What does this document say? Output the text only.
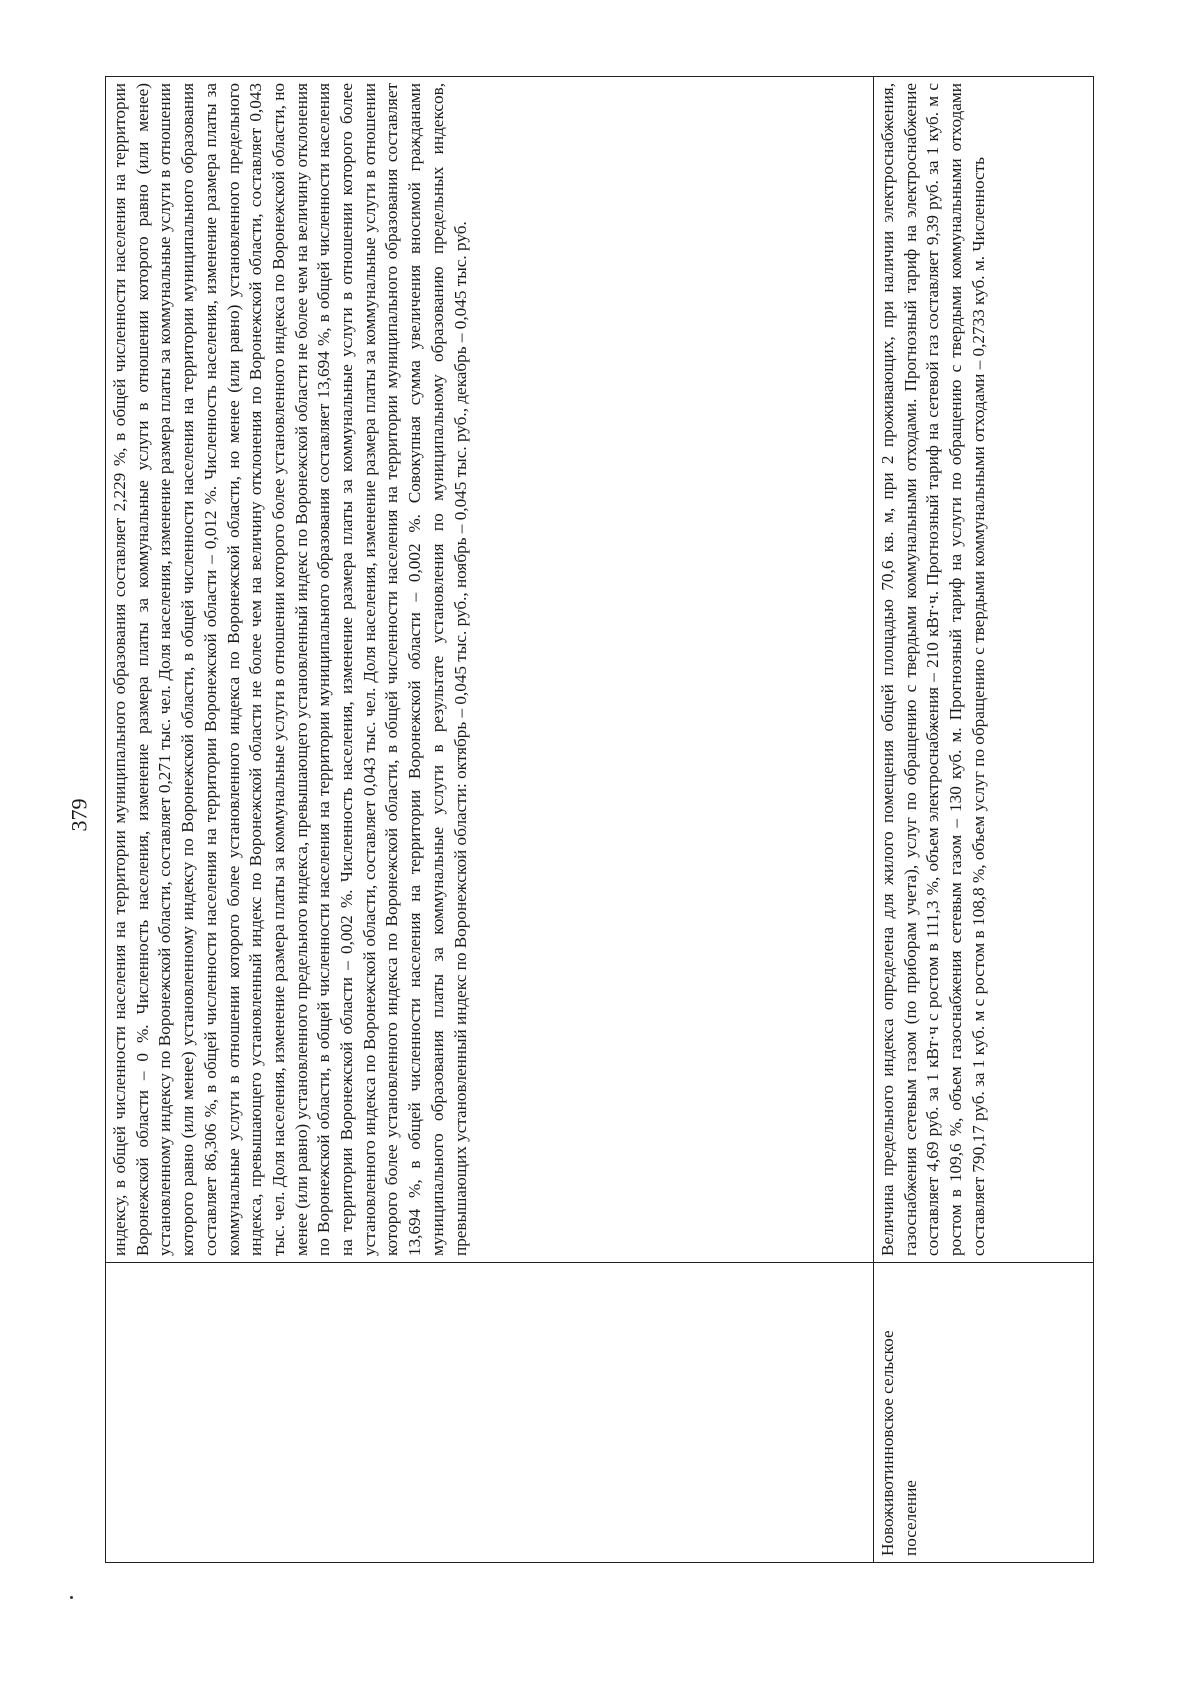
379
	индексу, в общей численности населения на территории муниципального образования составляет 2,229 %, в общей численности населения на территории Воронежской области – 0 %. Численность населения, изменение размера платы за коммунальные услуги в отношении которого равно (или менее) установленному индексу по Воронежской области, составляет 0,271 тыс. чел. Доля населения, изменение размера платы за коммунальные услуги в отношении которого равно (или менее) установленному индексу по Воронежской области, в общей численности населения на территории муниципального образования составляет 86,306 %, в общей численности населения на территории Воронежской области – 0,012 %. Численность населения, изменение размера платы за коммунальные услуги в отношении которого более установленного индекса по Воронежской области, но менее (или равно) установленного предельного индекса, превышающего установленный индекс по Воронежской области не более чем на величину отклонения по Воронежской области, составляет 0,043 тыс. чел. Доля населения, изменение размера платы за коммунальные услуги в отношении которого более установленного индекса по Воронежской области, но менее (или равно) установленного предельного индекса, превышающего установленный индекс по Воронежской области не более чем на величину отклонения по Воронежской области, в общей численности населения на территории муниципального образования составляет 13,694 %, в общей численности населения на территории Воронежской области – 0,002 %. Численность населения, изменение размера платы за коммунальные услуги в отношении которого более установленного индекса по Воронежской области, составляет 0,043 тыс. чел. Доля населения, изменение размера платы за коммунальные услуги в отношении которого более установленного индекса по Воронежской области, в общей численности населения на территории муниципального образования составляет 13,694 %, в общей численности населения на территории Воронежской области – 0,002 %. Совокупная сумма увеличения вносимой гражданами муниципального образования платы за коммунальные услуги в результате установления по муниципальному образованию предельных индексов, превышающих установленный индекс по Воронежской области: октябрь – 0,045 тыс. руб., ноябрь – 0,045 тыс. руб., декабрь – 0,045 тыс. руб.

Новоживотинновское сельское поселение	Величина предельного индекса определена для жилого помещения общей площадью 70,6 кв. м, при 2 проживающих, при наличии электроснабжения, газоснабжения сетевым газом (по приборам учета), услуг по обращению с твердыми коммунальными отходами. Прогнозный тариф на электроснабжение составляет 4,69 руб. за 1 кВт·ч с ростом в 111,3 %, объем электроснабжения – 210 кВт·ч. Прогнозный тариф на сетевой газ составляет 9,39 руб. за 1 куб. м с ростом в 109,6 %, объем газоснабжения сетевым газом – 130 куб. м. Прогнозный тариф на услуги по обращению с твердыми коммунальными отходами составляет 790,17 руб. за 1 куб. м с ростом в 108,8 %, объем услуг по обращению с твердыми коммунальными отходами – 0,2733 куб. м. Численность
